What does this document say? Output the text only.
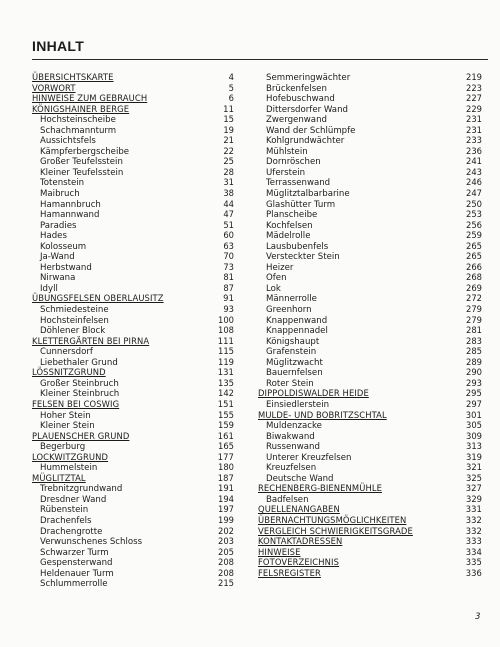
INHALT
ÜBERSICHTSKARTE	4
VORWORT	5
HINWEISE ZUM GEBRAUCH	6
KÖNIGSHAINER BERGE	11
Hochsteinscheibe	15
Schachmannturm	19
Aussichtsfels	21
Kämpferbergscheibe	22
Großer Teufelsstein	25
Kleiner Teufelsstein	28
Totenstein	31
Maibruch	38
Hamannbruch	44
Hamannwand	47
Paradies	51
Hades	60
Kolosseum	63
Ja-Wand	70
Herbstwand	73
Nirwana	81
Idyll	87
ÜBUNGSFELSEN OBERLAUSITZ	91
Schmiedesteine	93
Hochsteinfelsen	100
Döhlener Block	108
KLETTERGÄRTEN BEI PIRNA	111
Cunnersdorf	115
Liebethaler Grund	119
LÖSSNITZGRUND	131
Großer Steinbruch	135
Kleiner Steinbruch	142
FELSEN BEI COSWIG	151
Hoher Stein	155
Kleiner Stein	159
PLAUENSCHER GRUND	161
Begerburg	165
LOCKWITZGRUND	177
Hummelstein	180
MÜGLITZTAL	187
Trebnitzgrundwand	191
Dresdner Wand	194
Rübenstein	197
Drachenfels	199
Drachengrotte	202
Verwunschenes Schloss	203
Schwarzer Turm	205
Gespensterwand	208
Heldenauer Turm	208
Schlummerrolle	215
Semmeringwächter	219
Brückenfelsen	223
Hofebuschwand	227
Dittersdorfer Wand	229
Zwergenwand	231
Wand der Schlümpfe	231
Kohlgrundwächter	233
Mühlstein	236
Dornröschen	241
Uferstein	243
Terrassenwand	246
Müglitztalbarbarine	247
Glashütter Turm	250
Planscheibe	253
Kochfelsen	256
Mädelrolle	259
Lausbubenfels	265
Versteckter Stein	265
Heizer	266
Ofen	268
Lok	269
Männerrolle	272
Greenhorn	279
Knappenwand	279
Knappennadel	281
Königshaupt	283
Grafenstein	285
Müglitzwacht	289
Bauernfelsen	290
Roter Stein	293
DIPPOLDISWALDER HEIDE	295
Einsiedlerstein	297
MULDE- UND BOBRITZSCHTAL	301
Muldenzacke	305
Biwakwand	309
Russenwand	313
Unterer Kreuzfelsen	319
Kreuzfelsen	321
Deutsche Wand	325
RECHENBERG-BIENENMÜHLE	327
Badfelsen	329
QUELLENANGABEN	331
ÜBERNACHTUNGSMÖGLICHKEITEN	332
VERGLEICH SCHWIERIGKEITSGRADE	332
KONTAKTADRESSEN	333
HINWEISE	334
FOTOVERZEICHNIS	335
FELSREGISTER	336
3
